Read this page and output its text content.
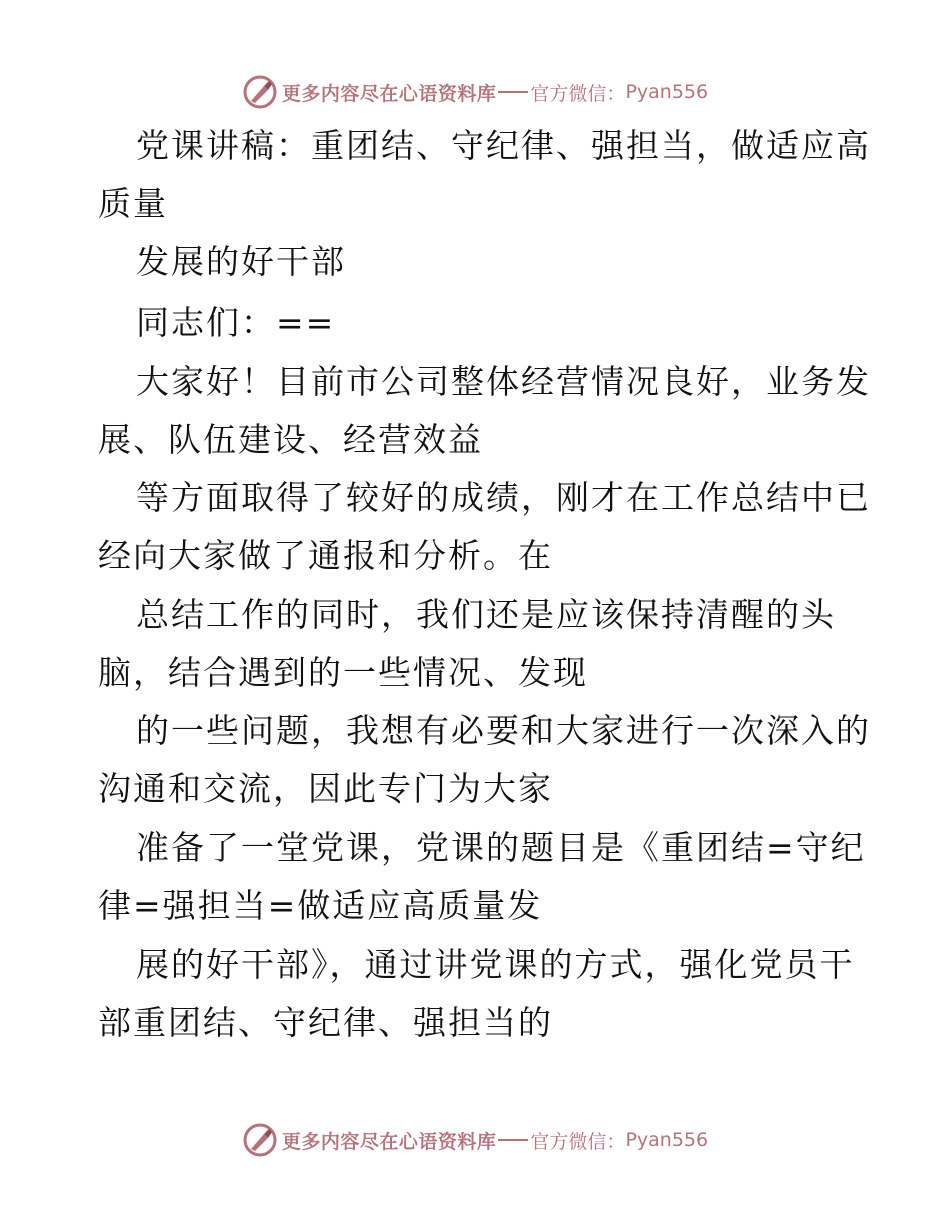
更多内容尽在心语资料库 官方微信： Pyan556
党课讲稿：重团结、守纪律、强担当，做适应高
质量
发展的好干部
同志们：==
大家好！目前市公司整体经营情况良好，业务发
展、队伍建设、经营效益
等方面取得了较好的成绩，刚才在工作总结中已
经向大家做了通报和分析。在
总结工作的同时，我们还是应该保持清醒的头
脑，结合遇到的一些情况、发现
的一些问题，我想有必要和大家进行一次深入的
沟通和交流，因此专门为大家
准备了一堂党课，党课的题目是《重团结=守纪
律=强担当=做适应高质量发
展的好干部》，通过讲党课的方式，强化党员干
部重团结、守纪律、强担当的
更多内容尽在心语资料库 官方微信： Pyan556
